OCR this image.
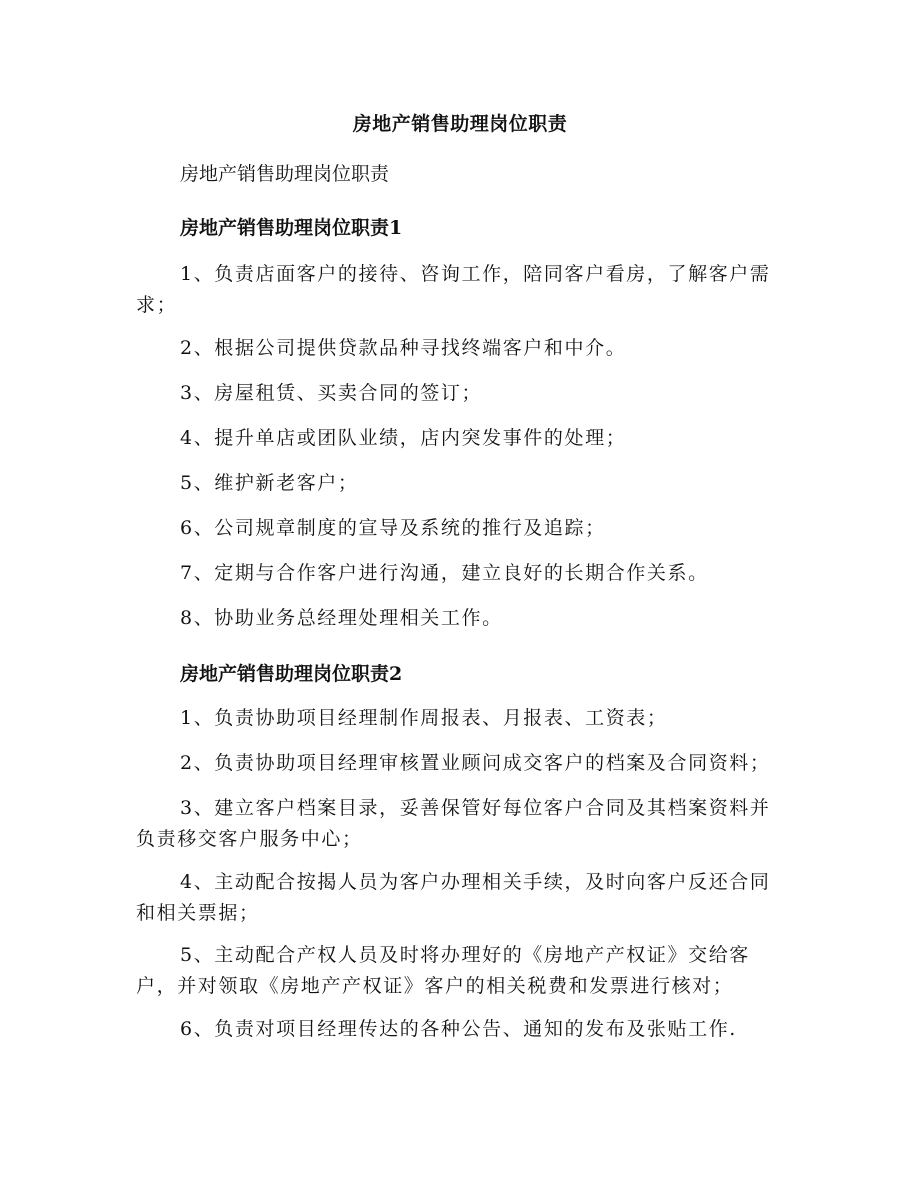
房地产销售助理岗位职责

房地产销售助理岗位职责

房地产销售助理岗位职责1

1、负责店面客户的接待、咨询工作，陪同客户看房，了解客户需求；

2、根据公司提供贷款品种寻找终端客户和中介。

3、房屋租赁、买卖合同的签订；

4、提升单店或团队业绩，店内突发事件的处理；

5、维护新老客户；

6、公司规章制度的宣导及系统的推行及追踪；

7、定期与合作客户进行沟通，建立良好的长期合作关系。

8、协助业务总经理处理相关工作。

房地产销售助理岗位职责2

1、负责协助项目经理制作周报表、月报表、工资表；

2、负责协助项目经理审核置业顾问成交客户的档案及合同资料；

3、建立客户档案目录，妥善保管好每位客户合同及其档案资料并负责移交客户服务中心；

4、主动配合按揭人员为客户办理相关手续，及时向客户反还合同和相关票据；

5、主动配合产权人员及时将办理好的《房地产产权证》交给客户，并对领取《房地产产权证》客户的相关税费和发票进行核对；

6、负责对项目经理传达的各种公告、通知的发布及张贴工作.
